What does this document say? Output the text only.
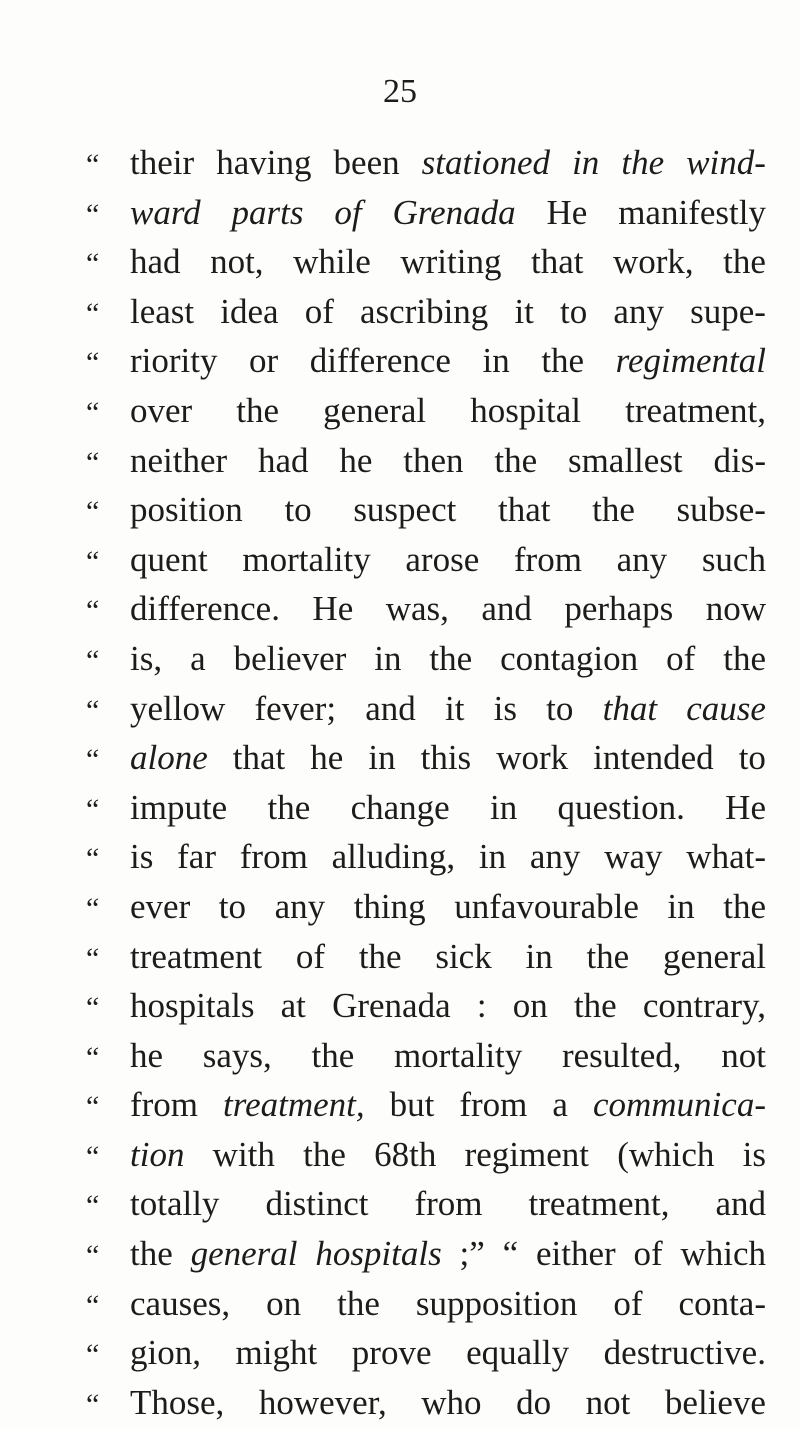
25
“ their having been stationed in the wind-
“ ward parts of Grenada He manifestly
“ had not, while writing that work, the
“ least idea of ascribing it to any supe-
“ riority or difference in the regimental
“ over the general hospital treatment,
“ neither had he then the smallest dis-
“ position to suspect that the subse-
“ quent mortality arose from any such
“ difference. He was, and perhaps now
“ is, a believer in the contagion of the
“ yellow fever; and it is to that cause
“ alone that he in this work intended to
“ impute the change in question. He
“ is far from alluding, in any way what-
“ ever to any thing unfavourable in the
“ treatment of the sick in the general
“ hospitals at Grenada : on the contrary,
“ he says, the mortality resulted, not
“ from treatment, but from a communica-
“ tion with the 68th regiment (which is
“ totally distinct from treatment, and
“ the general hospitals ;” “ either of which
“ causes, on the supposition of conta-
“ gion, might prove equally destructive.
“ Those, however, who do not believe
